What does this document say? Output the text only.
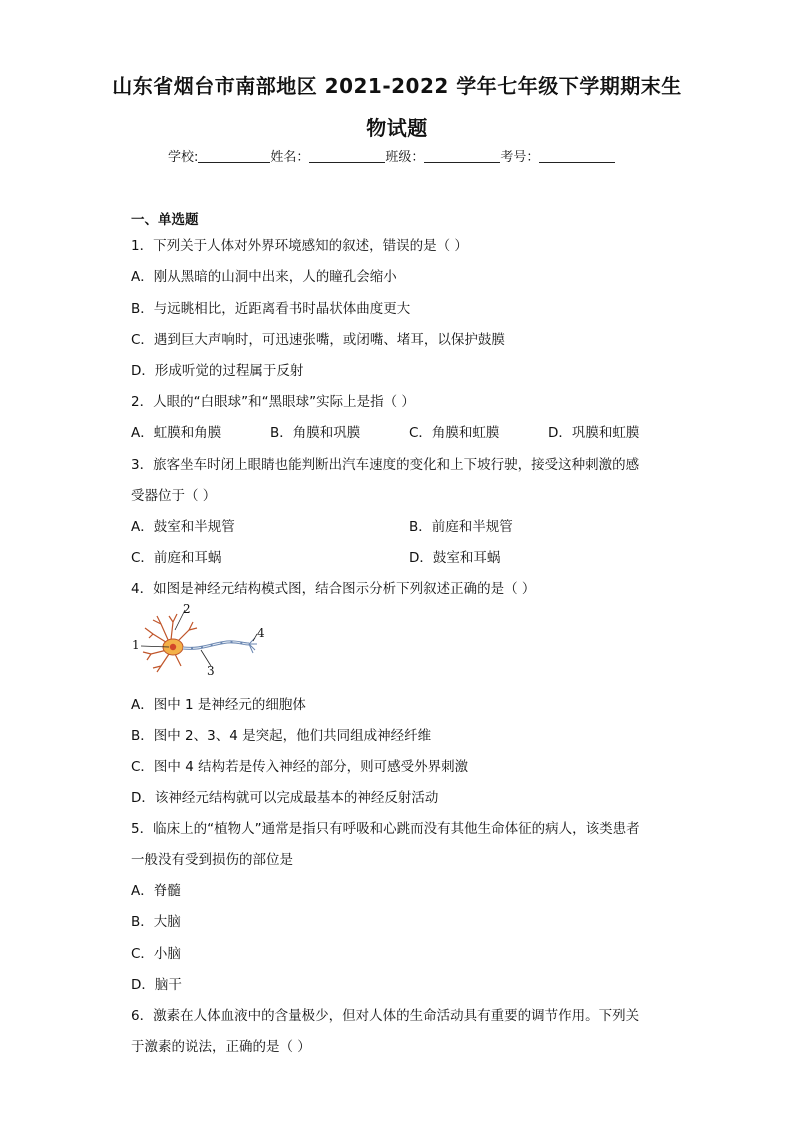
山东省烟台市南部地区 2021-2022 学年七年级下学期期末生
物试题
学校:	姓名：	班级：	考号：
一、单选题
1．下列关于人体对外界环境感知的叙述，错误的是（ ）
A．刚从黑暗的山洞中出来，人的瞳孔会缩小
B．与远眺相比，近距离看书时晶状体曲度更大
C．遇到巨大声响时，可迅速张嘴，或闭嘴、堵耳，以保护鼓膜
D．形成听觉的过程属于反射
2．人眼的“白眼球”和“黑眼球”实际上是指（ ）
A．虹膜和角膜	B．角膜和巩膜	C．角膜和虹膜	D．巩膜和虹膜
3．旅客坐车时闭上眼睛也能判断出汽车速度的变化和上下坡行驶，接受这种刺激的感
受器位于（ ）
A．鼓室和半规管	B．前庭和半规管
C．前庭和耳蜗	D．鼓室和耳蜗
4．如图是神经元结构模式图，结合图示分析下列叙述正确的是（ ）
1
2
3
4
A．图中 1 是神经元的细胞体
B．图中 2、3、4 是突起，他们共同组成神经纤维
C．图中 4 结构若是传入神经的部分，则可感受外界刺激
D．该神经元结构就可以完成最基本的神经反射活动
5．临床上的“植物人”通常是指只有呼吸和心跳而没有其他生命体征的病人，该类患者
一般没有受到损伤的部位是
A．脊髓
B．大脑
C．小脑
D．脑干
6．激素在人体血液中的含量极少，但对人体的生命活动具有重要的调节作用。下列关
于激素的说法，正确的是（ ）
